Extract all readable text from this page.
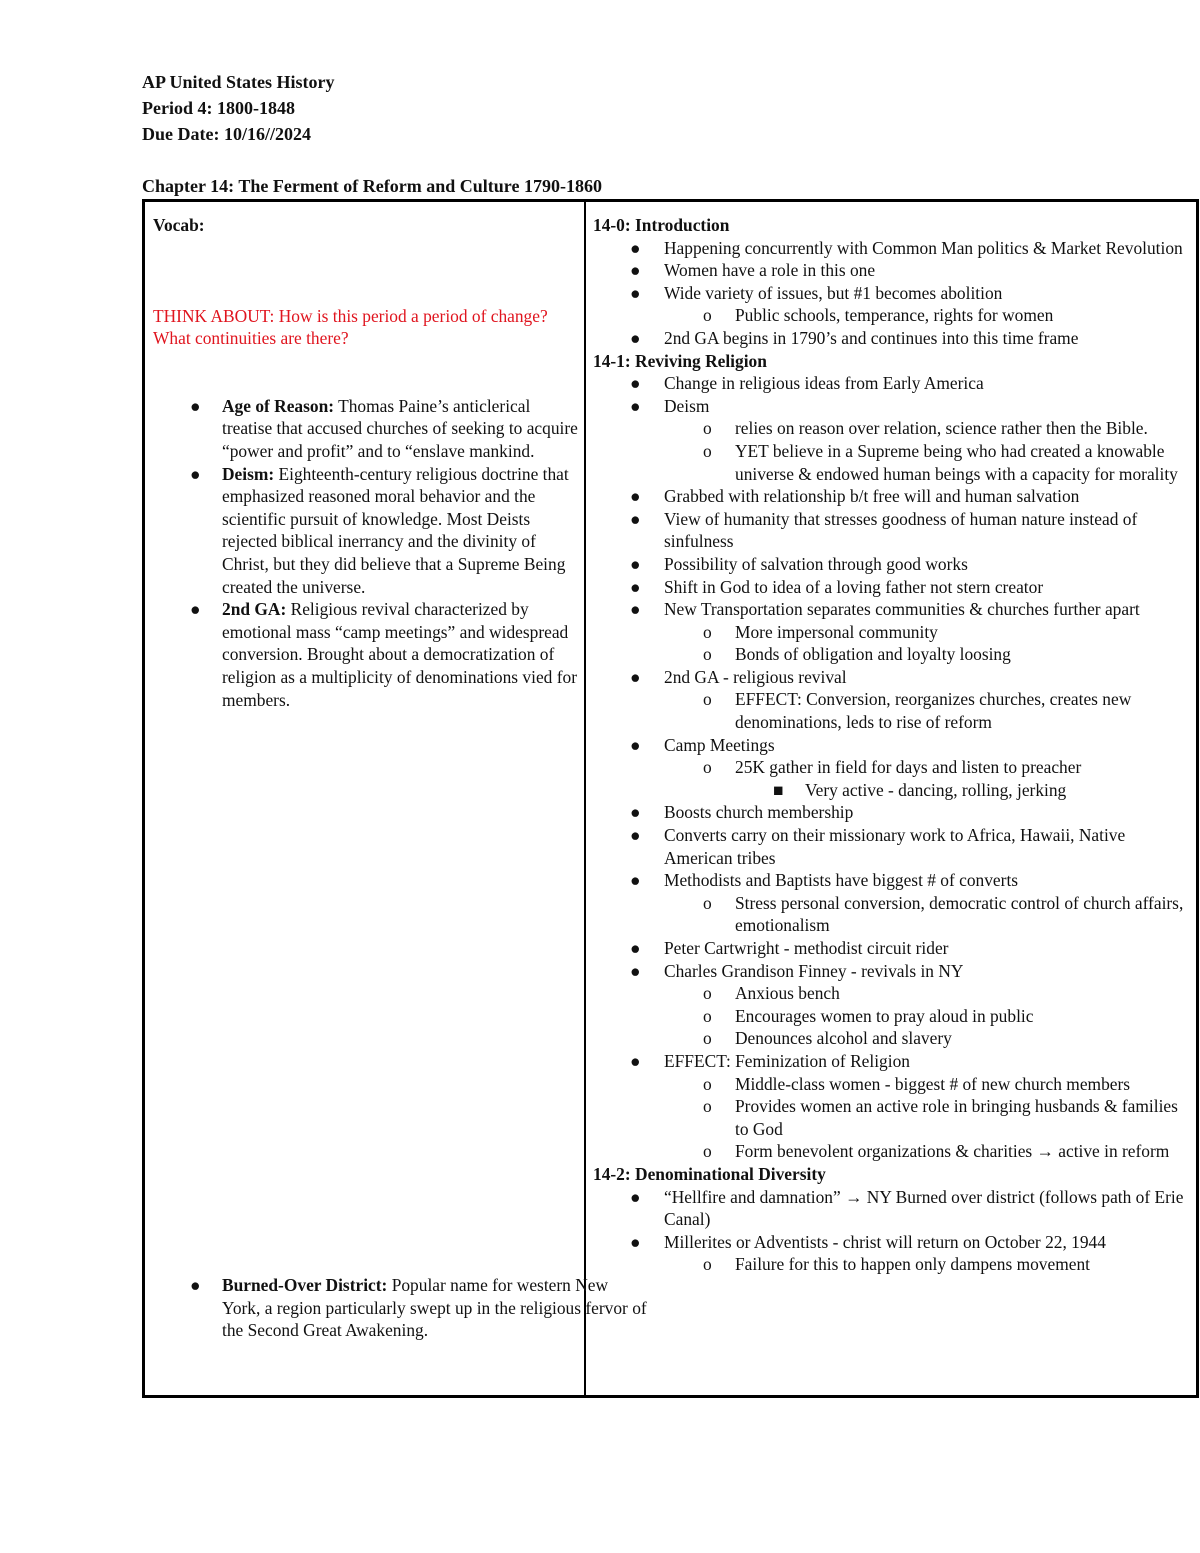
AP United States History
Period 4: 1800-1848
Due Date: 10/16//2024
Chapter 14: The Ferment of Reform and Culture 1790-1860
Vocab:
THINK ABOUT: How is this period a period of change? What continuities are there?
● Age of Reason: Thomas Paine’s anticlerical treatise that accused churches of seeking to acquire “power and profit” and to “enslave mankind.
● Deism: Eighteenth-century religious doctrine that emphasized reasoned moral behavior and the scientific pursuit of knowledge. Most Deists rejected biblical inerrancy and the divinity of Christ, but they did believe that a Supreme Being created the universe.
● 2nd GA: Religious revival characterized by emotional mass “camp meetings” and widespread conversion. Brought about a democratization of religion as a multiplicity of denominations vied for members.
● Burned-Over District: Popular name for western New York, a region particularly swept up in the religious fervor of the Second Great Awakening.
14-0: Introduction
● Happening concurrently with Common Man politics & Market Revolution
● Women have a role in this one
● Wide variety of issues, but #1 becomes abolition
o Public schools, temperance, rights for women
● 2nd GA begins in 1790’s and continues into this time frame
14-1: Reviving Religion
● Change in religious ideas from Early America
● Deism
o relies on reason over relation, science rather then the Bible.
o YET believe in a Supreme being who had created a knowable universe & endowed human beings with a capacity for morality
● Grabbed with relationship b/t free will and human salvation
● View of humanity that stresses goodness of human nature instead of sinfulness
● Possibility of salvation through good works
● Shift in God to idea of a loving father not stern creator
● New Transportation separates communities & churches further apart
o More impersonal community
o Bonds of obligation and loyalty loosing
● 2nd GA - religious revival
o EFFECT: Conversion, reorganizes churches, creates new denominations, leds to rise of reform
● Camp Meetings
o 25K gather in field for days and listen to preacher
■ Very active - dancing, rolling, jerking
● Boosts church membership
● Converts carry on their missionary work to Africa, Hawaii, Native American tribes
● Methodists and Baptists have biggest # of converts
o Stress personal conversion, democratic control of church affairs, emotionalism
● Peter Cartwright - methodist circuit rider
● Charles Grandison Finney - revivals in NY
o Anxious bench
o Encourages women to pray aloud in public
o Denounces alcohol and slavery
● EFFECT: Feminization of Religion
o Middle-class women - biggest # of new church members
o Provides women an active role in bringing husbands & families to God
o Form benevolent organizations & charities → active in reform
14-2: Denominational Diversity
● “Hellfire and damnation” → NY Burned over district (follows path of Erie Canal)
● Millerites or Adventists - christ will return on October 22, 1944
o Failure for this to happen only dampens movement
